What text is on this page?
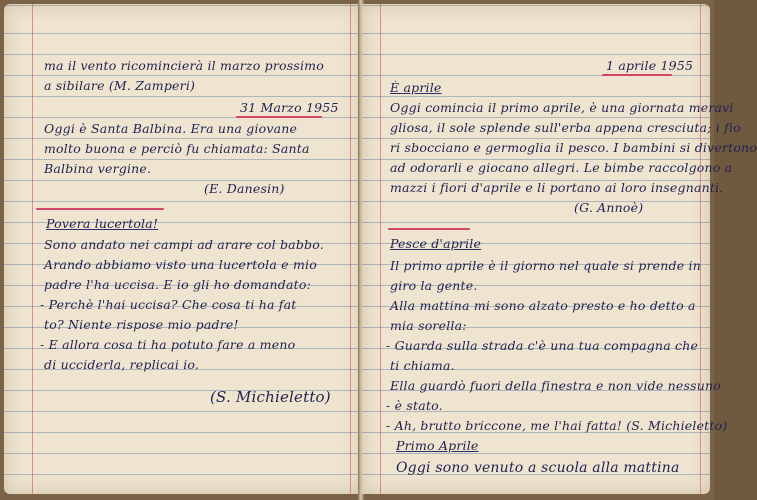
ma il vento ricomincierà il marzo prossimo
a sibilare (M. Zamperi)
31 Marzo 1955
Oggi è Santa Balbina. Era una giovane
molto buona e perciò fu chiamata: Santa
Balbina vergine.
(E. Danesin)
Povera lucertola!
Sono andato nei campi ad arare col babbo.
Arando abbiamo visto una lucertola e mio
padre l'ha uccisa. E io gli ho domandato:
- Perchè l'hai uccisa? Che cosa ti ha fat
to? Niente rispose mio padre!
- E allora cosa ti ha potuto fare a meno
di ucciderla, replicai io.
(S. Michieletto)
1 aprile 1955
È aprile
Oggi comincia il primo aprile, è una giornata meravi
gliosa, il sole splende sull'erba appena cresciuta; i fio
ri sbocciano e germoglia il pesco. I bambini si divertono
ad odorarli e giocano allegri. Le bimbe raccolgono a
mazzi i fiori d'aprile e li portano ai loro insegnanti.
(G. Annoè)
Pesce d'aprile
Il primo aprile è il giorno nel quale si prende in
giro la gente.
Alla mattina mi sono alzato presto e ho detto a
mia sorella:
- Guarda sulla strada c'è una tua compagna che
ti chiama.
Ella guardò fuori della finestra e non vide nessuno
- è stato.
- Ah, brutto briccone, me l'hai fatta! (S. Michieletto)
Primo Aprile
Oggi sono venuto a scuola alla mattina
